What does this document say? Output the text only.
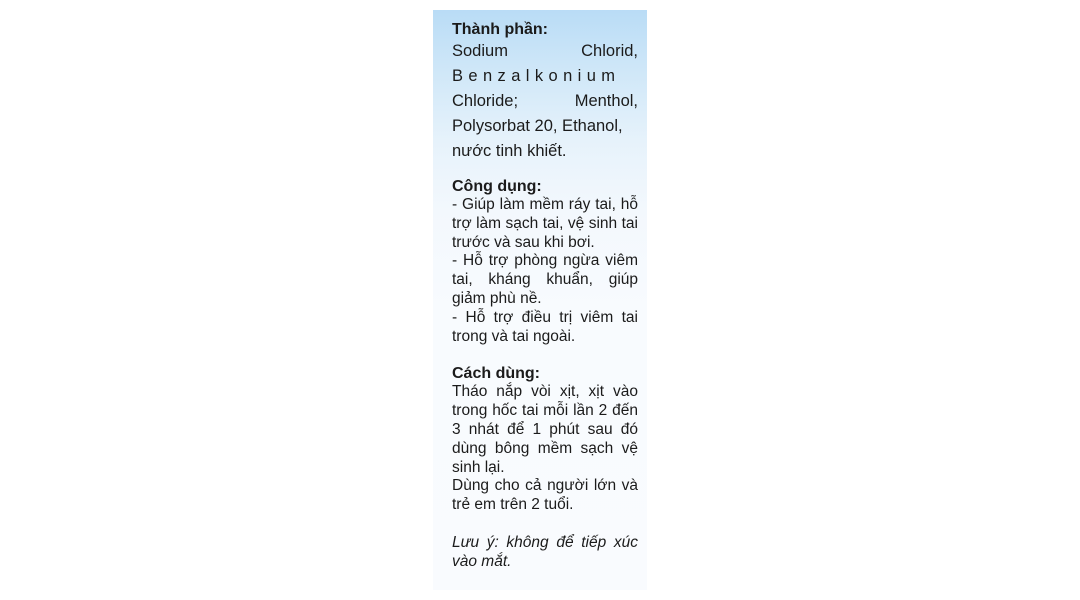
Thành phần:
Sodium Chlorid,
Benzalkonium
Chloride; Menthol,
Polysorbat 20, Ethanol,
nước tinh khiết.
Công dụng:

- Giúp làm mềm ráy tai, hỗ trợ làm sạch tai, vệ sinh tai trước và sau khi bơi.

- Hỗ trợ phòng ngừa viêm tai, kháng khuẩn, giúp giảm phù nề.

- Hỗ trợ điều trị viêm tai trong và tai ngoài.

Cách dùng:

Tháo nắp vòi xịt, xịt vào trong hốc tai mỗi lần 2 đến 3 nhát để 1 phút sau đó dùng bông mềm sạch vệ sinh lại.

Dùng cho cả người lớn và trẻ em trên 2 tuổi.

Lưu ý: không để tiếp xúc vào mắt.
